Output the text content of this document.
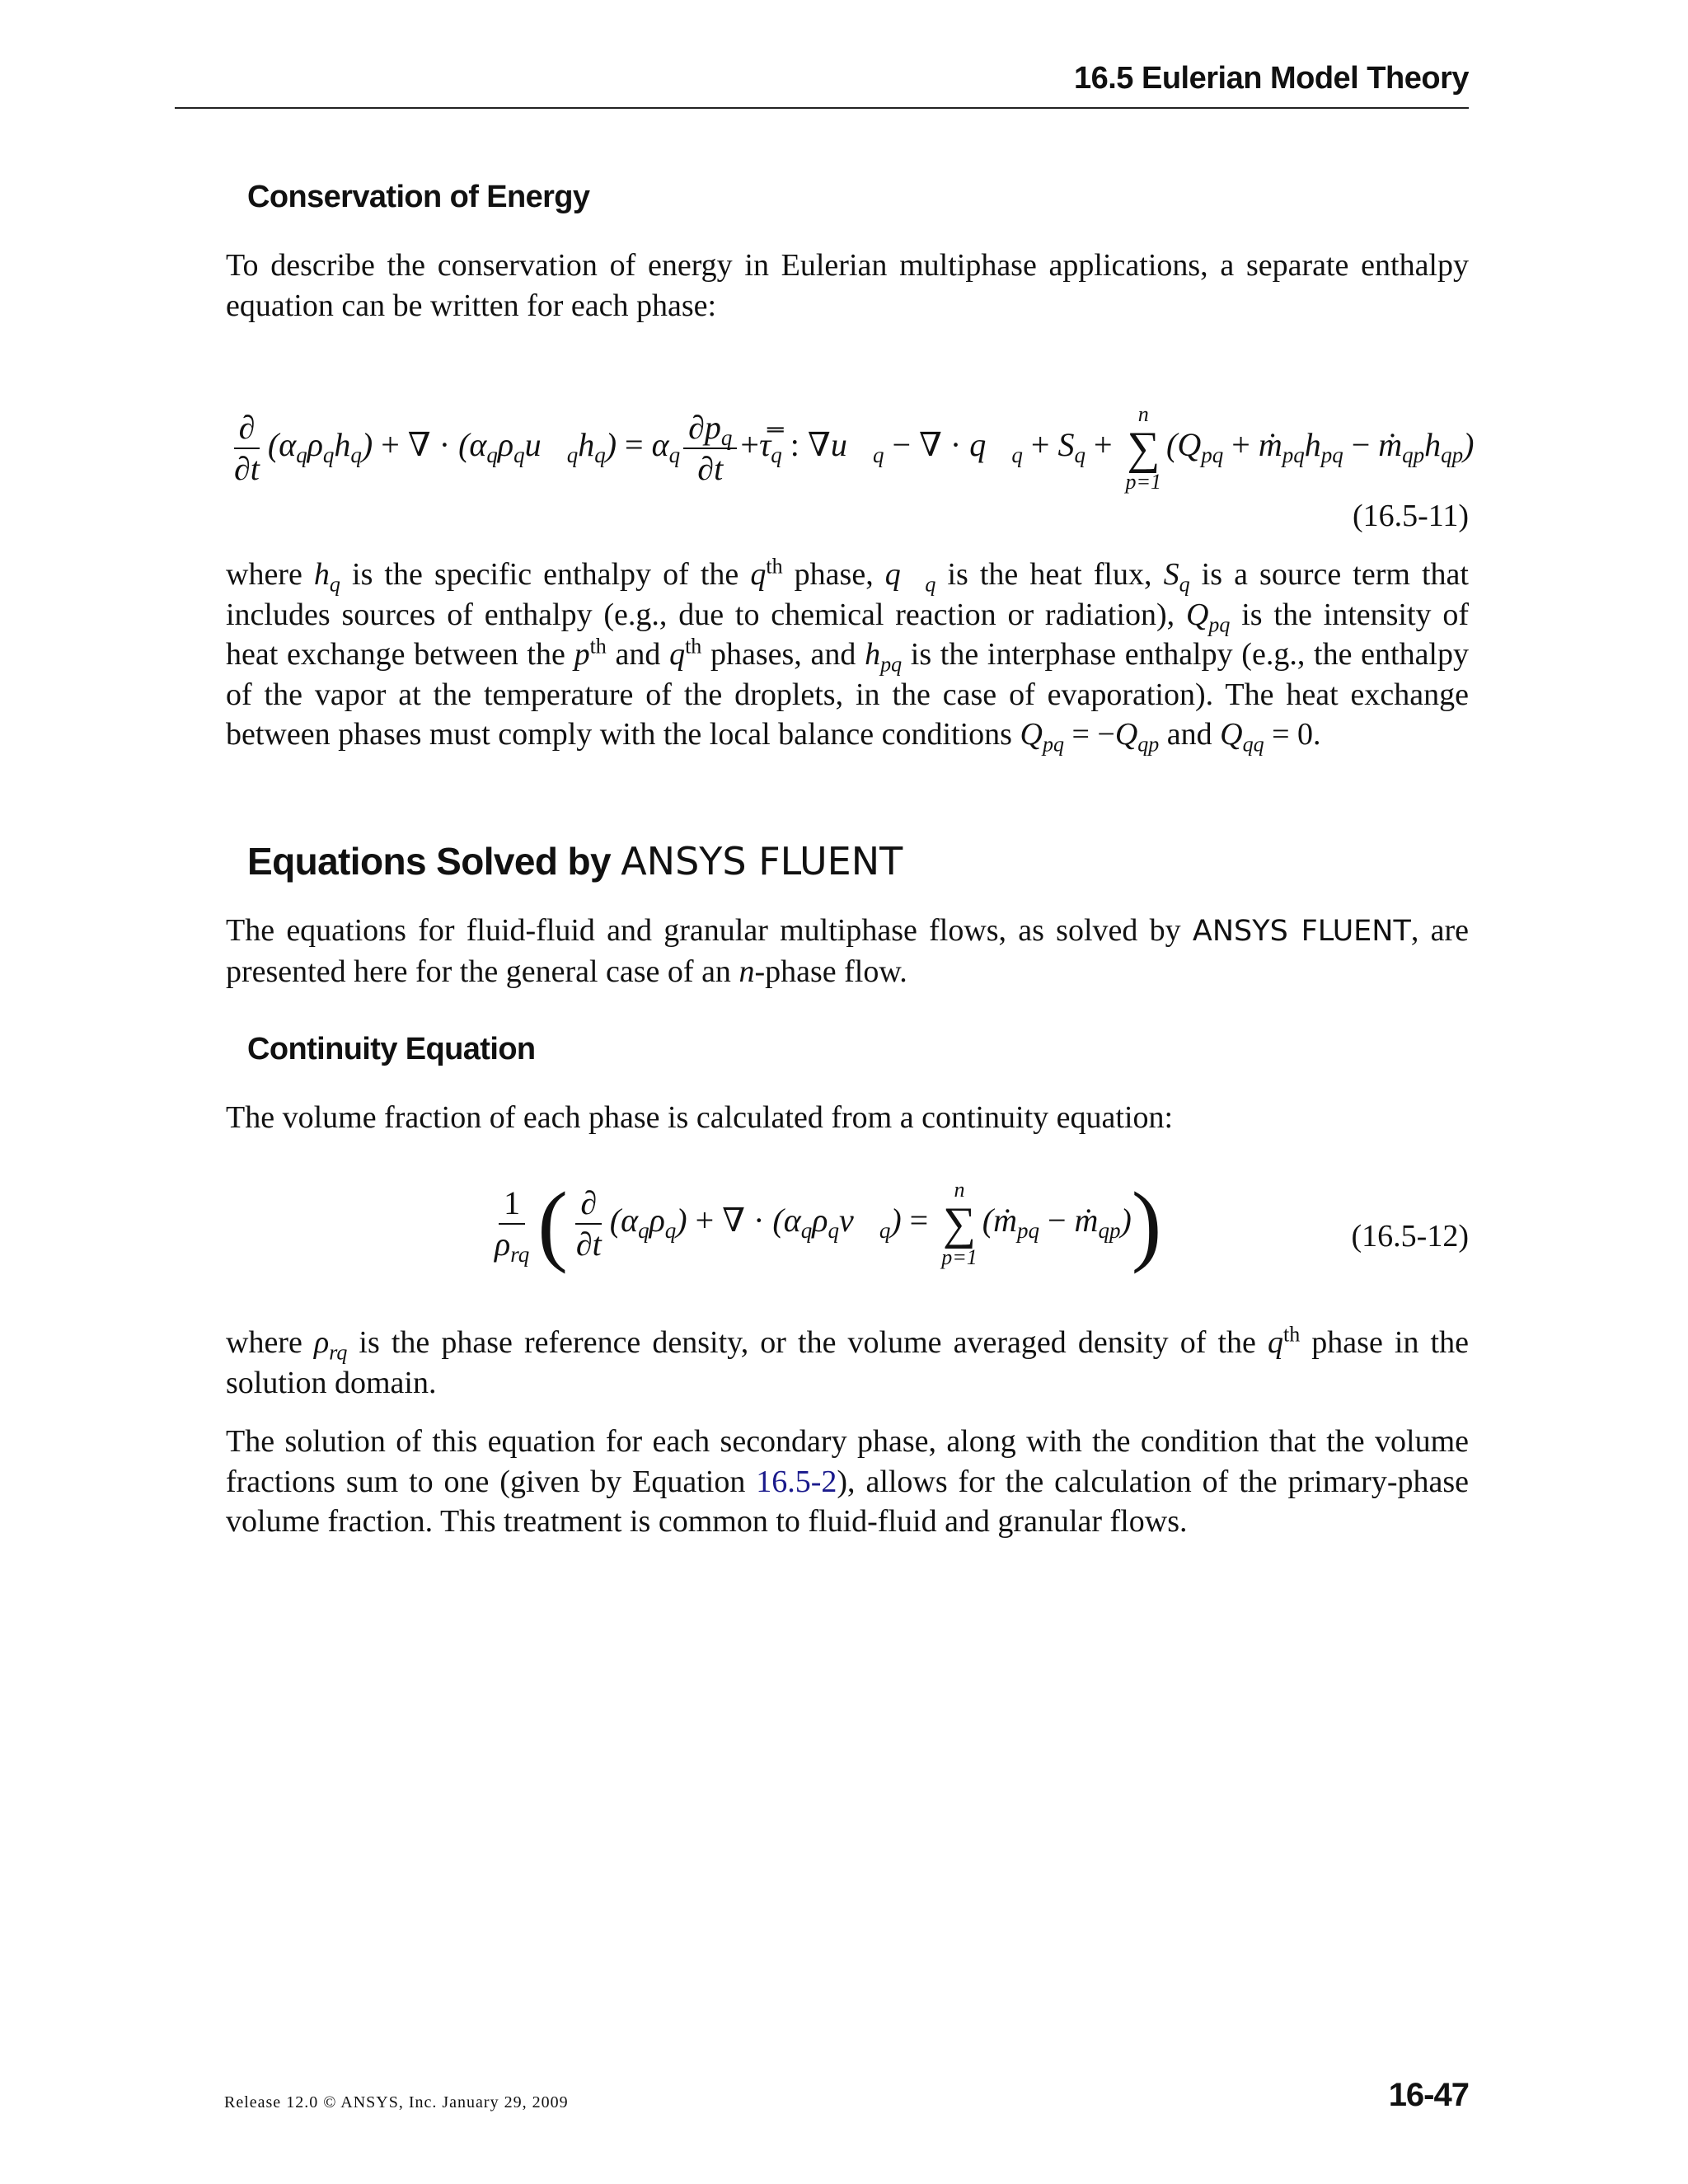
16.5 Eulerian Model Theory
Conservation of Energy
To describe the conservation of energy in Eulerian multiphase applications, a separate enthalpy equation can be written for each phase:
$\frac{\partial}{\partial t} (\alpha_q\rho_qh_q)$ + ∇ · $(\alpha_q\rho_qu⃗_qh_q) = \alpha_q \frac{\partial p_q}{\partial t}$ $+\tau̿_q$ : $\nabla u⃗_q$ − ∇ · $q⃗_q + S_q$ +
n
∑
p=1
($Q_{pq}$ + $ṁ_{pq}h_{pq}$ − $ṁ_{qp}h_{qp}$)
(16.5-11)
where $h_q$ is the specific enthalpy of the $q^{th}$ phase, $q⃗_q$ is the heat flux, $S_q$ is a source term that includes sources of enthalpy (e.g., due to chemical reaction or radiation), $Q_{pq}$ is the intensity of heat exchange between the $p^{th}$ and $q^{th}$ phases, and $h_{pq}$ is the interphase enthalpy (e.g., the enthalpy of the vapor at the temperature of the droplets, in the case of evaporation). The heat exchange between phases must comply with the local balance conditions $Q_{pq} = -Q_{qp}$ and $Q_{qq} = 0$.
Equations Solved by ANSYS FLUENT
The equations for fluid-fluid and granular multiphase flows, as solved by ANSYS FLUENT, are presented here for the general case of an n-phase flow.
Continuity Equation
The volume fraction of each phase is calculated from a continuity equation:
$\frac{1}{\rho_{rq}}$ ( $\frac{\partial}{\partial t} (\alpha_q\rho_q)$ + ∇ · $(\alpha_q\rho_qv⃗_q)$ =
n
∑
p=1
(ṁ$_{pq}$ − ṁ$_{qp}$))	(16.5-12)
where $\rho_{rq}$ is the phase reference density, or the volume averaged density of the $q^{th}$ phase in the solution domain.
The solution of this equation for each secondary phase, along with the condition that the volume fractions sum to one (given by Equation 16.5-2), allows for the calculation of the primary-phase volume fraction. This treatment is common to fluid-fluid and granular flows.
Release 12.0 © ANSYS, Inc. January 29, 2009	16-47
